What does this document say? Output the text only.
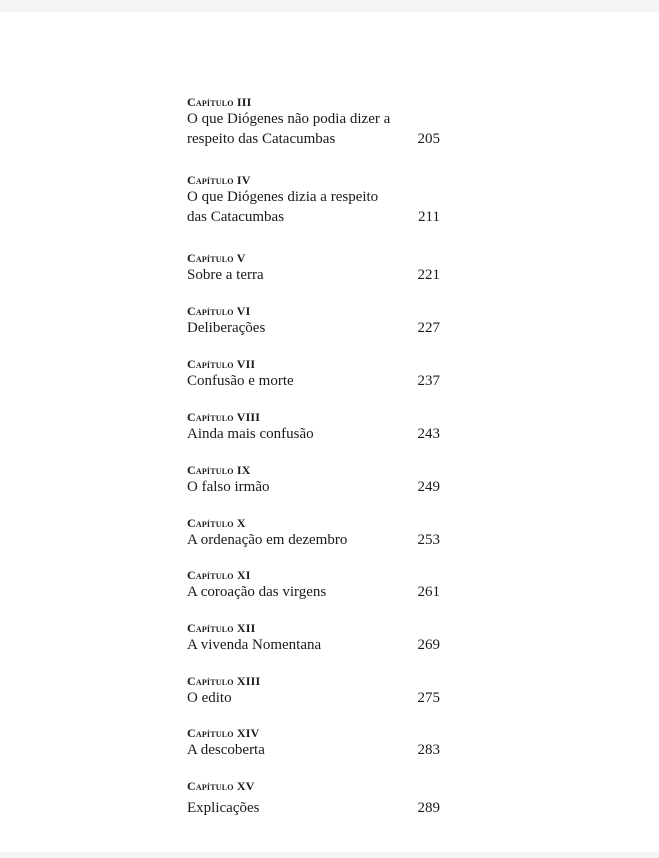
Capítulo III
O que Diógenes não podia dizer a respeito das Catacumbas	205
Capítulo IV
O que Diógenes dizia a respeito das Catacumbas	211
Capítulo V
Sobre a terra	221
Capítulo VI
Deliberações	227
Capítulo VII
Confusão e morte	237
Capítulo VIII
Ainda mais confusão	243
Capítulo IX
O falso irmão	249
Capítulo X
A ordenação em dezembro	253
Capítulo XI
A coroação das virgens	261
Capítulo XII
A vivenda Nomentana	269
Capítulo XIII
O edito	275
Capítulo XIV
A descoberta	283
Capítulo XV
Explicações	289
